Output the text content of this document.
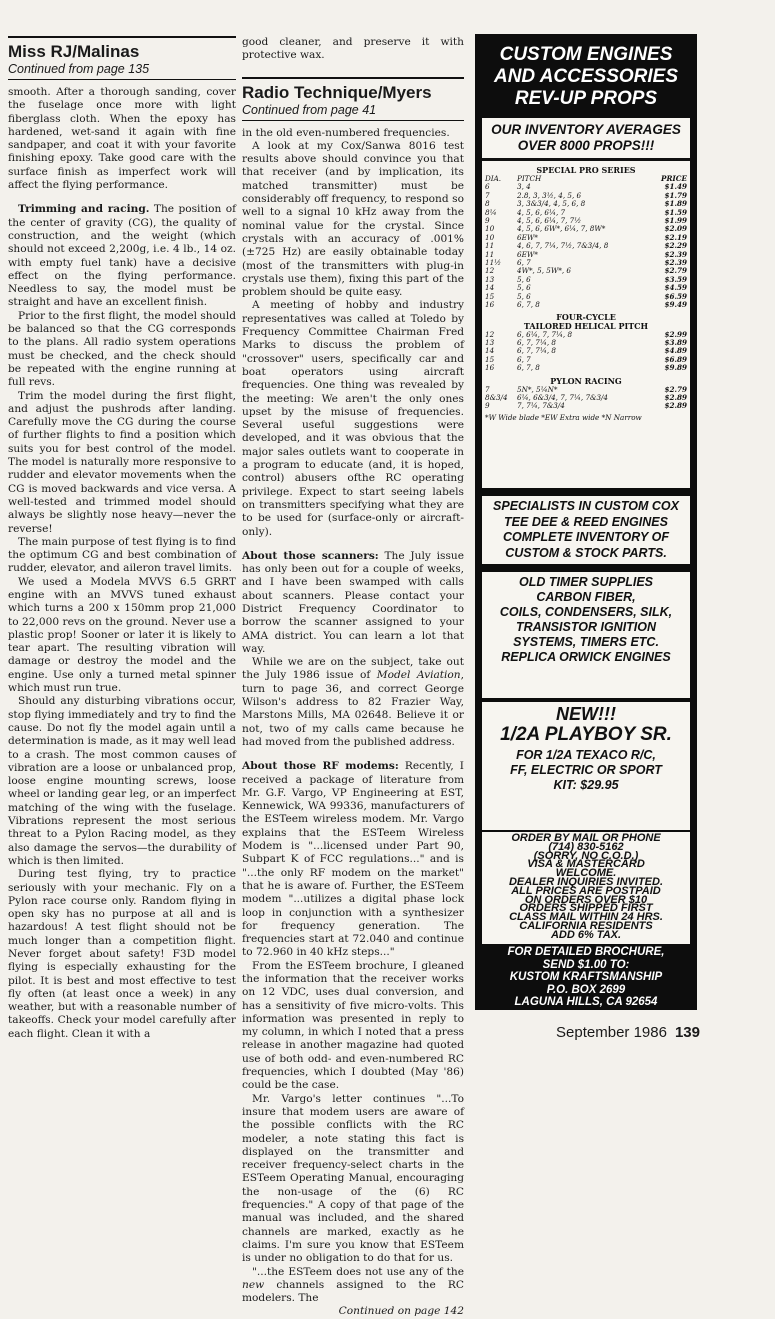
Miss RJ/Malinas
Continued from page 135

smooth. After a thorough sanding, cover the fuselage once more with light fiberglass cloth. When the epoxy has hardened, wet-sand it again with fine sandpaper, and coat it with your favorite finishing epoxy. Take good care with the surface finish as imperfect work will affect the flying performance.

Trimming and racing. The position of the center of gravity (CG), the quality of construction, and the weight (which should not exceed 2,200g, i.e. 4 lb., 14 oz. with empty fuel tank) have a decisive effect on the flying performance. Needless to say, the model must be straight and have an excellent finish.

Prior to the first flight, the model should be balanced so that the CG corresponds to the plans. All radio system operations must be checked, and the check should be repeated with the engine running at full revs.

Trim the model during the first flight, and adjust the pushrods after landing. Carefully move the CG during the course of further flights to find a position which suits you for best control of the model. The model is naturally more responsive to rudder and elevator movements when the CG is moved backwards and vice versa. A well-tested and trimmed model should always be slightly nose heavy—never the reverse!

The main purpose of test flying is to find the optimum CG and best combination of rudder, elevator, and aileron travel limits.

We used a Modela MVVS 6.5 GRRT engine with an MVVS tuned exhaust which turns a 200 x 150mm prop 21,000 to 22,000 revs on the ground. Never use a plastic prop! Sooner or later it is likely to tear apart. The resulting vibration will damage or destroy the model and the engine. Use only a turned metal spinner which must run true.

Should any disturbing vibrations occur, stop flying immediately and try to find the cause. Do not fly the model again until a determination is made, as it may well lead to a crash. The most common causes of vibration are a loose or unbalanced prop, loose engine mounting screws, loose wheel or landing gear leg, or an imperfect matching of the wing with the fuselage. Vibrations represent the most serious threat to a Pylon Racing model, as they also damage the servos—the durability of which is then limited.

During test flying, try to practice seriously with your mechanic. Fly on a Pylon race course only. Random flying in open sky has no purpose at all and is hazardous! A test flight should not be much longer than a competition flight. Never forget about safety! F3D model flying is especially exhausting for the pilot. It is best and most effective to test fly often (at least once a week) in any weather, but with a reasonable number of takeoffs. Check your model carefully after each flight. Clean it with a

good cleaner, and preserve it with protective wax.

Radio Technique/Myers
Continued from page 41

in the old even-numbered frequencies.

A look at my Cox/Sanwa 8016 test results above should convince you that that receiver (and by implication, its matched transmitter) must be considerably off frequency, to respond so well to a signal 10 kHz away from the nominal value for the crystal. Since crystals with an accuracy of .001% (±725 Hz) are easily obtainable today (most of the transmitters with plug-in crystals use them), fixing this part of the problem should be quite easy.

A meeting of hobby and industry representatives was called at Toledo by Frequency Committee Chairman Fred Marks to discuss the problem of "crossover" users, specifically car and boat operators using aircraft frequencies. One thing was revealed by the meeting: We aren't the only ones upset by the misuse of frequencies. Several useful suggestions were developed, and it was obvious that the major sales outlets want to cooperate in a program to educate (and, it is hoped, control) abusers ofthe RC operating privilege. Expect to start seeing labels on transmitters specifying what they are to be used for (surface-only or aircraft-only).

About those scanners: The July issue has only been out for a couple of weeks, and I have been swamped with calls about scanners. Please contact your District Frequency Coordinator to borrow the scanner assigned to your AMA district. You can learn a lot that way.

While we are on the subject, take out the July 1986 issue of Model Aviation, turn to page 36, and correct George Wilson's address to 82 Frazier Way, Marstons Mills, MA 02648. Believe it or not, two of my calls came because he had moved from the published address.

About those RF modems: Recently, I received a package of literature from Mr. G.F. Vargo, VP Engineering at EST, Kennewick, WA 99336, manufacturers of the ESTeem wireless modem. Mr. Vargo explains that the ESTeem Wireless Modem is "...licensed under Part 90, Subpart K of FCC regulations..." and is "...the only RF modem on the market" that he is aware of. Further, the ESTeem modem "...utilizes a digital phase lock loop in conjunction with a synthesizer for frequency generation. The frequencies start at 72.040 and continue to 72.960 in 40 kHz steps..."

From the ESTeem brochure, I gleaned the information that the receiver works on 12 VDC, uses dual conversion, and has a sensitivity of five micro-volts. This information was presented in reply to my column, in which I noted that a press release in another magazine had quoted use of both odd- and even-numbered RC frequencies, which I doubted (May '86) could be the case.

Mr. Vargo's letter continues "...To insure that modem users are aware of the possible conflicts with the RC modeler, a note stating this fact is displayed on the transmitter and receiver frequency-select charts in the ESTeem Operating Manual, encouraging the non-usage of the (6) RC frequencies." A copy of that page of the manual was included, and the shared channels are marked, exactly as he claims. I'm sure you know that ESTeem is under no obligation to do that for us.

"...the ESTeem does not use any of the new channels assigned to the RC modelers. The

Continued on page 142
CUSTOM ENGINES
AND ACCESSORIES
REV-UP PROPS
OUR INVENTORY AVERAGES
OVER 8000 PROPS!!!
SPECIAL PRO SERIES
DIA.	PITCH	PRICE
6	3, 4	$1.49
7	2.8, 3, 3½, 4, 5, 6	$1.79
8	3, 3&3/4, 4, 5, 6, 8	$1.89
8¼	4, 5, 6, 6¼, 7	$1.59
9	4, 5, 6, 6¼, 7, 7½	$1.99
10	4, 5, 6, 6W*, 6¼, 7, 8W*	$2.09
10	6EW*	$2.19
11	4, 6, 7, 7¼, 7½, 7&3/4, 8	$2.29
11	6EW*	$2.39
11½	6, 7	$2.39
12	4W*, 5, 5W*, 6	$2.79
13	5, 6	$3.59
14	5, 6	$4.59
15	5, 6	$6.59
16	6, 7, 8	$9.49
FOUR-CYCLE
TAILORED HELICAL PITCH
12	6, 6¼, 7, 7¼, 8	$2.99
13	6, 7, 7¼, 8	$3.89
14	6, 7, 7¼, 8	$4.89
15	6, 7	$6.89
16	6, 7, 8	$9.89
PYLON RACING
7	5N*, 5¼N*	$2.79
8&3/4	6¼, 6&3/4, 7, 7¼, 7&3/4	$2.89
9	7, 7¼, 7&3/4	$2.89
*W Wide blade *EW Extra wide *N Narrow
SPECIALISTS IN CUSTOM COX
TEE DEE & REED ENGINES
COMPLETE INVENTORY OF
CUSTOM & STOCK PARTS.
OLD TIMER SUPPLIES
CARBON FIBER,
COILS, CONDENSERS, SILK,
TRANSISTOR IGNITION
SYSTEMS, TIMERS ETC.
REPLICA ORWICK ENGINES
NEW!!!
1/2A PLAYBOY SR.
FOR 1/2A TEXACO R/C,
FF, ELECTRIC OR SPORT
KIT: $29.95
ORDER BY MAIL OR PHONE
(714) 830-5162
(SORRY, NO C.O.D.)
VISA & MASTERCARD
WELCOME.
DEALER INQUIRIES INVITED.
ALL PRICES ARE POSTPAID
ON ORDERS OVER $10
ORDERS SHIPPED FIRST
CLASS MAIL WITHIN 24 HRS.
CALIFORNIA RESIDENTS
ADD 6% TAX.
FOR DETAILED BROCHURE,
SEND $1.00 TO:
KUSTOM KRAFTSMANSHIP
P.O. BOX 2699
LAGUNA HILLS, CA 92654
September 1986 139
